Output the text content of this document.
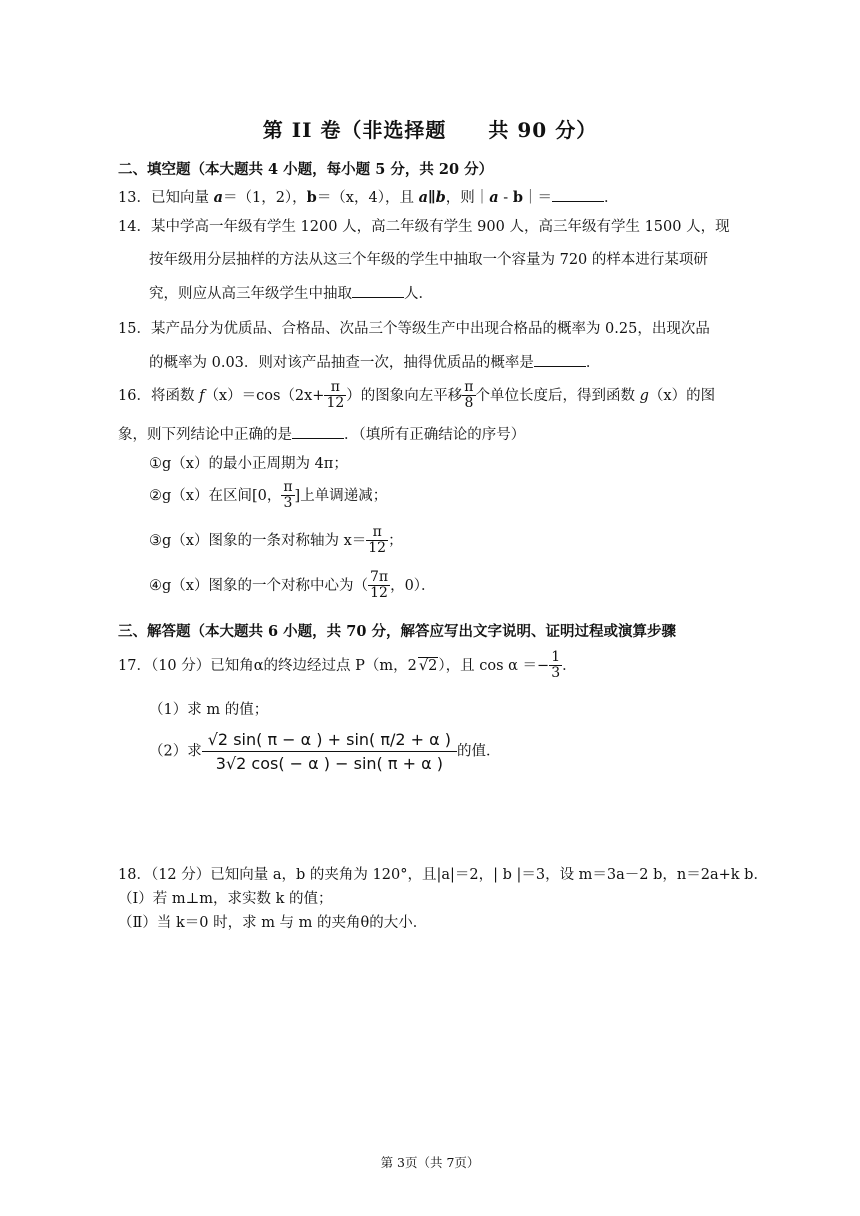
第 II 卷（非选择题　　共 90 分）
二、填空题（本大题共 4 小题，每小题 5 分，共 20 分）
13．已知向量 a＝（1，2），b＝（x，4），且 a∥b，则｜a - b｜＝	．
14．某中学高一年级有学生 1200 人，高二年级有学生 900 人，高三年级有学生 1500 人，现
按年级用分层抽样的方法从这三个年级的学生中抽取一个容量为 720 的样本进行某项研
究，则应从高三年级学生中抽取	人．
15．某产品分为优质品、合格品、次品三个等级生产中出现合格品的概率为 0.25，出现次品
的概率为 0.03．则对该产品抽查一次，抽得优质品的概率是	．
16．将函数 $f(x)=\cos(2x+ \frac{\pi}{12}$ ）的图象向左平移 $\frac{\pi}{8}$ 个单位长度后，得到函数 g（x）的图
象，则下列结论中正确的是	．（填所有正确结论的序号）
①g（x）的最小正周期为 4π；
②g（x）在区间[0， $\frac{\pi}{3}$ ]上单调递减；
③g（x）图象的一条对称轴为 $x= \frac{\pi}{12}$ ；
④g（x）图象的一个对称中心为（ $\frac{7\pi}{12}$ ，0）．
三、解答题（本大题共 6 小题，共 70 分，解答应写出文字说明、证明过程或演算步骤
17．（10 分）已知角α的终边经过点 P（m，2 √2），且 $\cos \alpha =- \frac{1}{3}$ ．
（1）求 m 的值；
（2）求 $\frac{√2 \sin( \pi - \alpha ) + \sin( \pi/2 + \alpha )}{3√2 \cos( - \alpha ) - \sin( \pi + \alpha )}$ 的值．
18．（12 分）已知向量 a，b 的夹角为 120°，且|a|＝2，| b |＝3，设 m＝3a－2 b，n＝2a+k b．
（Ⅰ）若 m⊥m，求实数 k 的值；
（Ⅱ）当 k＝0 时，求 m 与 m 的夹角θ的大小．
第 3页（共 7页）
